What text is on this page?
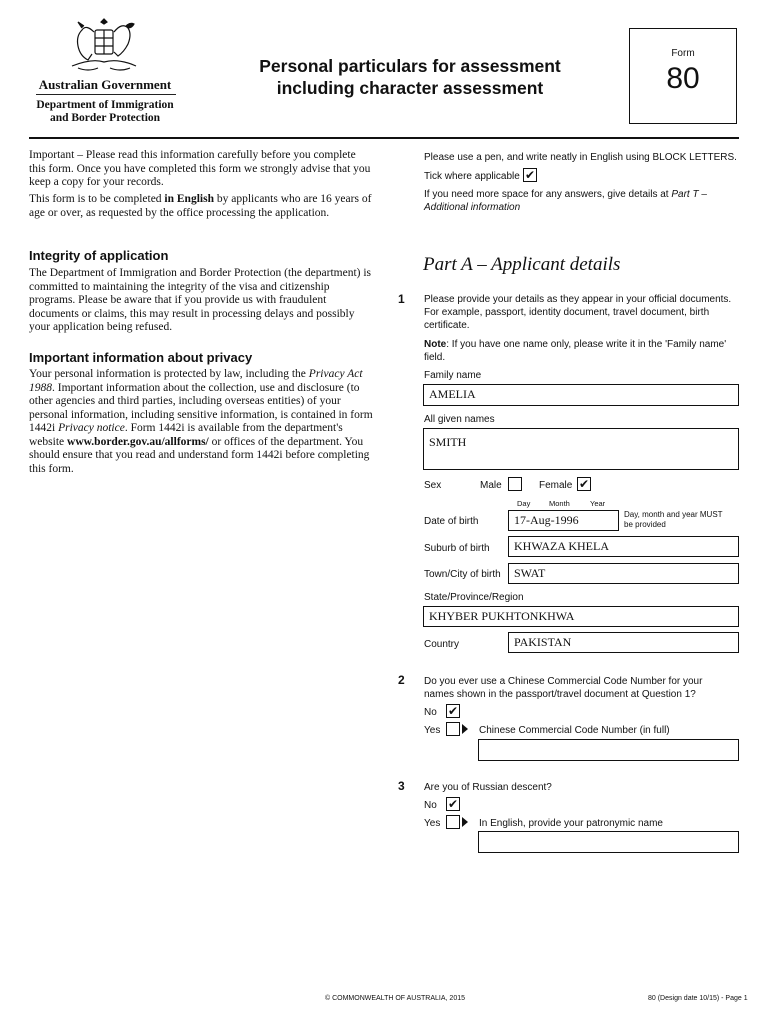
Australian Government
Department of Immigration
and Border Protection
Personal particulars for assessment
including character assessment
Form
80
Important – Please read this information carefully before you complete this form. Once you have completed this form we strongly advise that you keep a copy for your records.
This form is to be completed in English by applicants who are 16 years of age or over, as requested by the office processing the application.
Integrity of application
The Department of Immigration and Border Protection (the department) is committed to maintaining the integrity of the visa and citizenship programs. Please be aware that if you provide us with fraudulent documents or claims, this may result in processing delays and possibly your application being refused.
Important information about privacy
Your personal information is protected by law, including the Privacy Act 1988. Important information about the collection, use and disclosure (to other agencies and third parties, including overseas entities) of your personal information, including sensitive information, is contained in form 1442i Privacy notice. Form 1442i is available from the department's website www.border.gov.au/allforms/ or offices of the department. You should ensure that you read and understand form 1442i before completing this form.
Please use a pen, and write neatly in English using BLOCK LETTERS.
Tick where applicable ✔
If you need more space for any answers, give details at Part T – Additional information
Part A – Applicant details
1 Please provide your details as they appear in your official documents. For example, passport, identity document, travel document, birth certificate.
Note: If you have one name only, please write it in the 'Family name' field.
Family name
AMELIA
All given names
SMITH
Sex	Male	Female ✔
Day Month	Year
Date of birth	17-Aug-1996	Day, month and year MUST be provided
Suburb of birth	KHWAZA KHELA
Town/City of birth	SWAT
State/Province/Region
KHYBER PUKHTONKHWA
Country	PAKISTAN
2 Do you ever use a Chinese Commercial Code Number for your names shown in the passport/travel document at Question 1?
No ✔
Yes	Chinese Commercial Code Number (in full)
3 Are you of Russian descent?
No ✔
Yes	In English, provide your patronymic name
© COMMONWEALTH OF AUSTRALIA, 2015	80 (Design date 10/15) - Page 1
